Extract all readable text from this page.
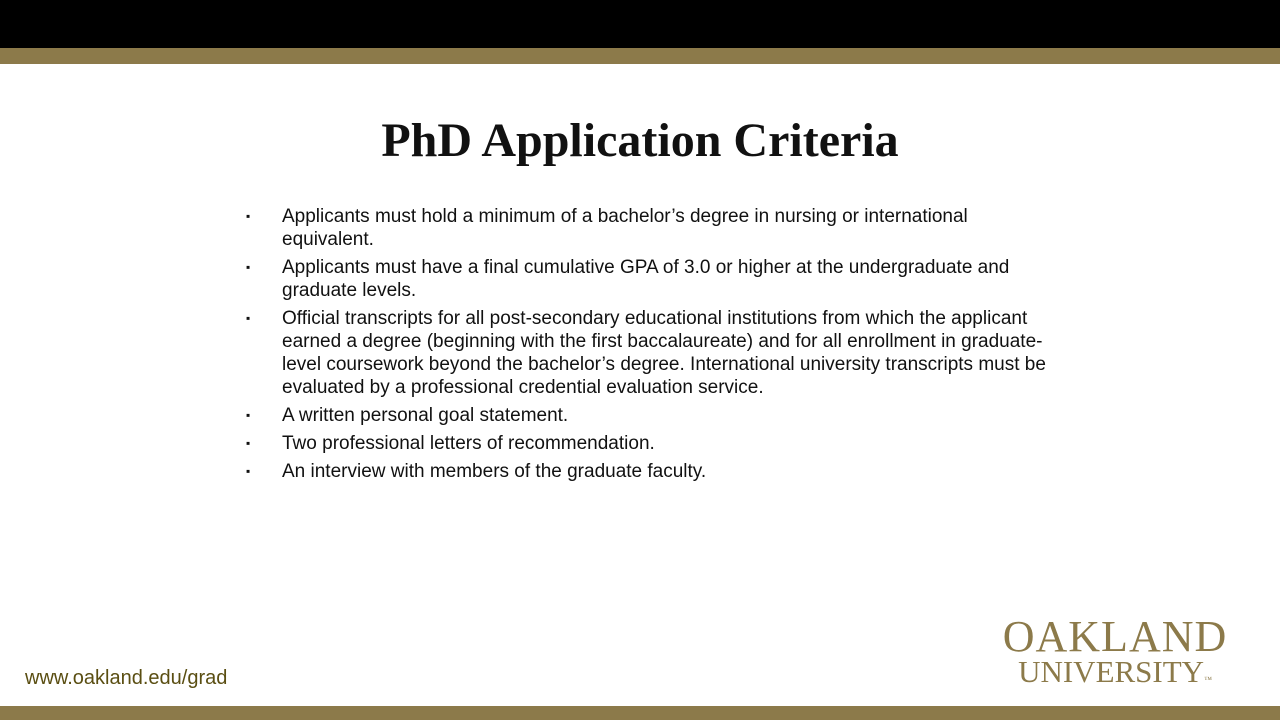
PhD Application Criteria
▪ Applicants must hold a minimum of a bachelor’s degree in nursing or international equivalent.
▪ Applicants must have a final cumulative GPA of 3.0 or higher at the undergraduate and graduate levels.
▪ Official transcripts for all post-secondary educational institutions from which the applicant earned a degree (beginning with the first baccalaureate) and for all enrollment in graduate-level coursework beyond the bachelor’s degree. International university transcripts must be evaluated by a professional credential evaluation service.
▪ A written personal goal statement.
▪ Two professional letters of recommendation.
▪ An interview with members of the graduate faculty.
www.oakland.edu/grad
OAKLAND
UNIVERSITY™
